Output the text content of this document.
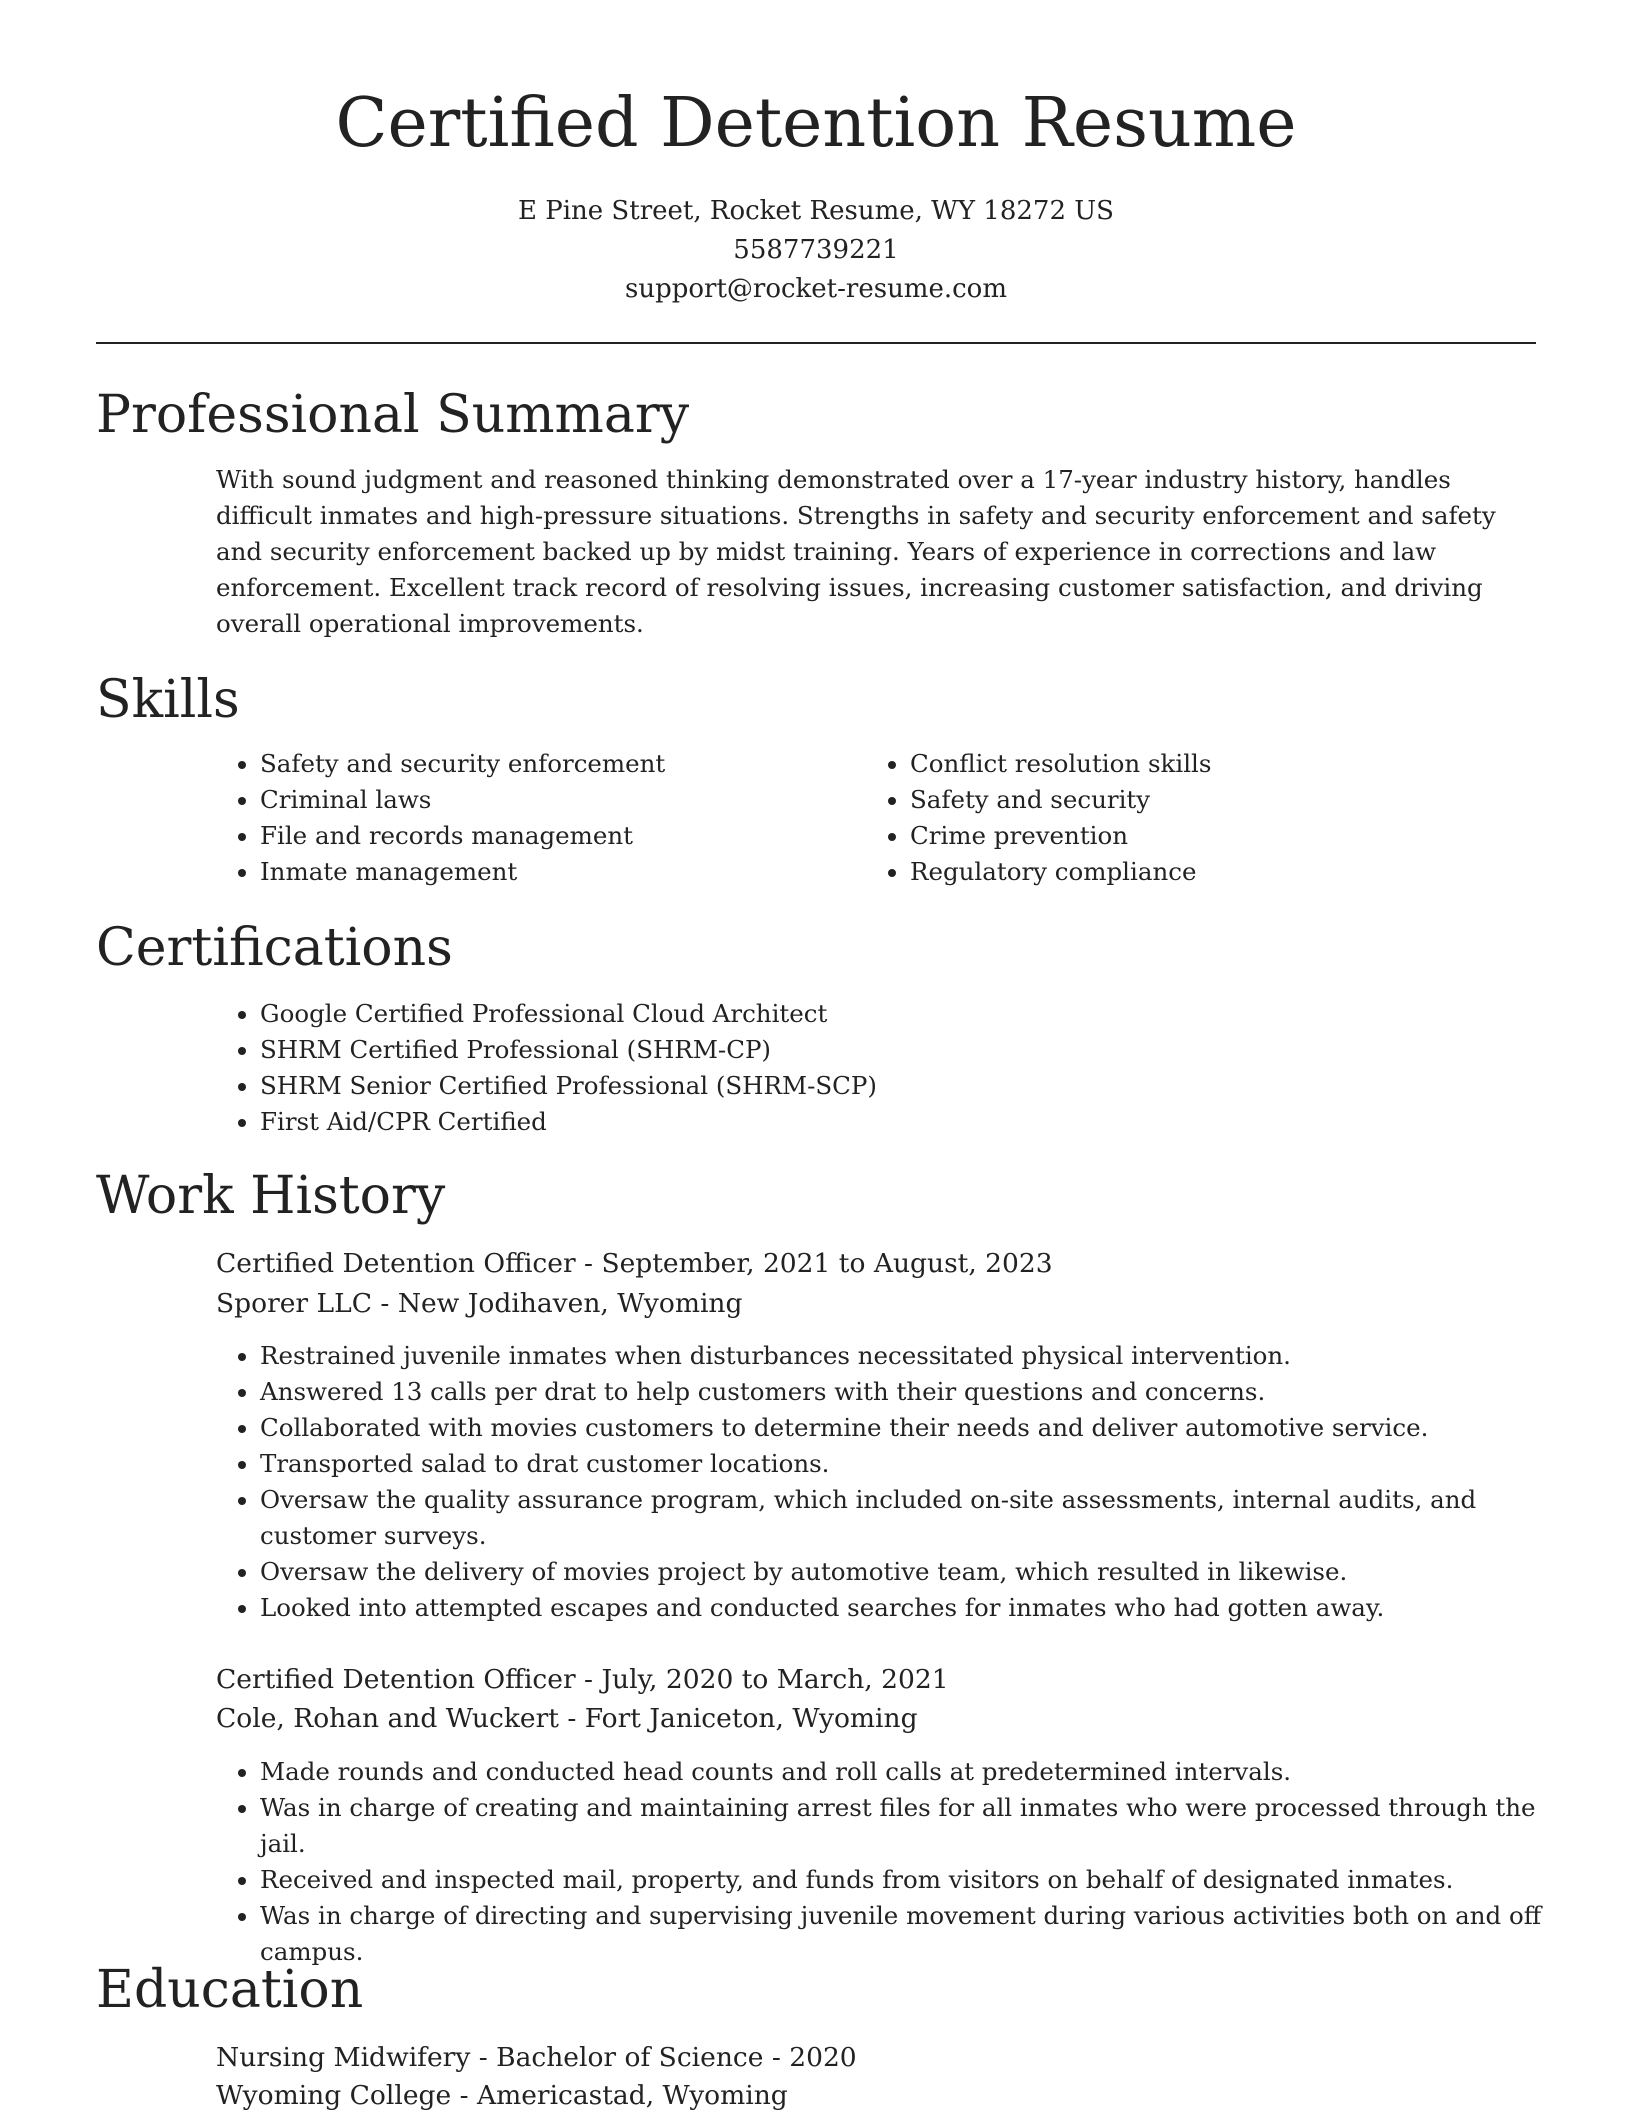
Certified Detention Resume
E Pine Street, Rocket Resume, WY 18272 US
5587739221
support@rocket-resume.com
Professional Summary

With sound judgment and reasoned thinking demonstrated over a 17-year industry history, handles difficult inmates and high-pressure situations. Strengths in safety and security enforcement and safety and security enforcement backed up by midst training. Years of experience in corrections and law enforcement. Excellent track record of resolving issues, increasing customer satisfaction, and driving overall operational improvements.

Skills
• Safety and security enforcement
• Criminal laws
• File and records management
• Inmate management
• Conflict resolution skills
• Safety and security
• Crime prevention
• Regulatory compliance
Certifications
• Google Certified Professional Cloud Architect
• SHRM Certified Professional (SHRM-CP)
• SHRM Senior Certified Professional (SHRM-SCP)
• First Aid/CPR Certified
Work History
Certified Detention Officer - September, 2021 to August, 2023
Sporer LLC - New Jodihaven, Wyoming
• Restrained juvenile inmates when disturbances necessitated physical intervention.
• Answered 13 calls per drat to help customers with their questions and concerns.
• Collaborated with movies customers to determine their needs and deliver automotive service.
• Transported salad to drat customer locations.
• Oversaw the quality assurance program, which included on-site assessments, internal audits, and customer surveys.
• Oversaw the delivery of movies project by automotive team, which resulted in likewise.
• Looked into attempted escapes and conducted searches for inmates who had gotten away.
Certified Detention Officer - July, 2020 to March, 2021
Cole, Rohan and Wuckert - Fort Janiceton, Wyoming
• Made rounds and conducted head counts and roll calls at predetermined intervals.
• Was in charge of creating and maintaining arrest files for all inmates who were processed through the jail.
• Received and inspected mail, property, and funds from visitors on behalf of designated inmates.
• Was in charge of directing and supervising juvenile movement during various activities both on and off campus.
Education
Nursing Midwifery - Bachelor of Science - 2020
Wyoming College - Americastad, Wyoming
